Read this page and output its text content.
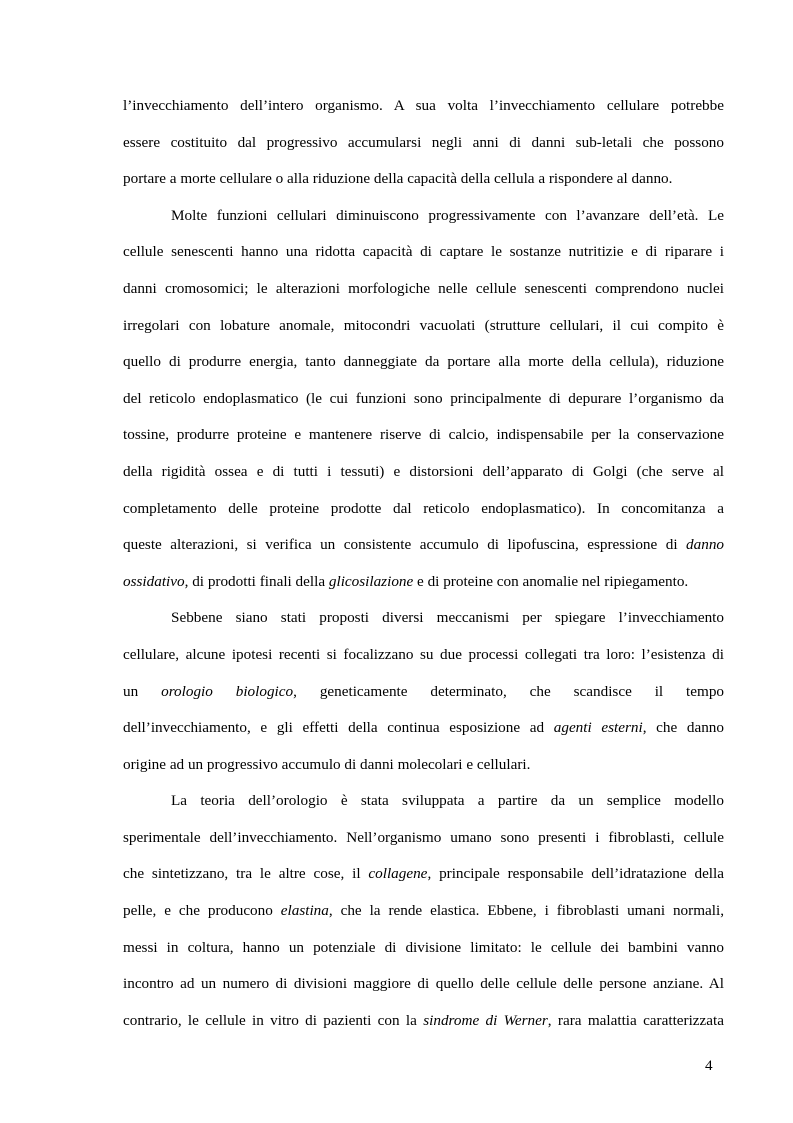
l’invecchiamento dell’intero organismo. A sua volta l’invecchiamento cellulare potrebbe
essere costituito dal progressivo accumularsi negli anni di danni sub-letali che possono
portare a morte cellulare o alla riduzione della capacità della cellula a rispondere al danno.
Molte funzioni cellulari diminuiscono progressivamente con l’avanzare dell’età. Le
cellule senescenti hanno una ridotta capacità di captare le sostanze nutritizie e di riparare i
danni cromosomici; le alterazioni morfologiche nelle cellule senescenti comprendono nuclei
irregolari con lobature anomale, mitocondri vacuolati (strutture cellulari, il cui compito è
quello di produrre energia, tanto danneggiate da portare alla morte della cellula), riduzione
del reticolo endoplasmatico (le cui funzioni sono principalmente di depurare l’organismo da
tossine, produrre proteine e mantenere riserve di calcio, indispensabile per la conservazione
della rigidità ossea e di tutti i tessuti) e distorsioni dell’apparato di Golgi (che serve al
completamento delle proteine prodotte dal reticolo endoplasmatico). In concomitanza a
queste alterazioni, si verifica un consistente accumulo di lipofuscina, espressione di danno
ossidativo, di prodotti finali della glicosilazione e di proteine con anomalie nel ripiegamento.
Sebbene siano stati proposti diversi meccanismi per spiegare l’invecchiamento
cellulare, alcune ipotesi recenti si focalizzano su due processi collegati tra loro: l’esistenza di
un orologio biologico, geneticamente determinato, che scandisce il tempo
dell’invecchiamento, e gli effetti della continua esposizione ad agenti esterni, che danno
origine ad un progressivo accumulo di danni molecolari e cellulari.
La teoria dell’orologio è stata sviluppata a partire da un semplice modello
sperimentale dell’invecchiamento. Nell’organismo umano sono presenti i fibroblasti, cellule
che sintetizzano, tra le altre cose, il collagene, principale responsabile dell’idratazione della
pelle, e che producono elastina, che la rende elastica. Ebbene, i fibroblasti umani normali,
messi in coltura, hanno un potenziale di divisione limitato: le cellule dei bambini vanno
incontro ad un numero di divisioni maggiore di quello delle cellule delle persone anziane. Al
contrario, le cellule in vitro di pazienti con la sindrome di Werner, rara malattia caratterizzata
4
